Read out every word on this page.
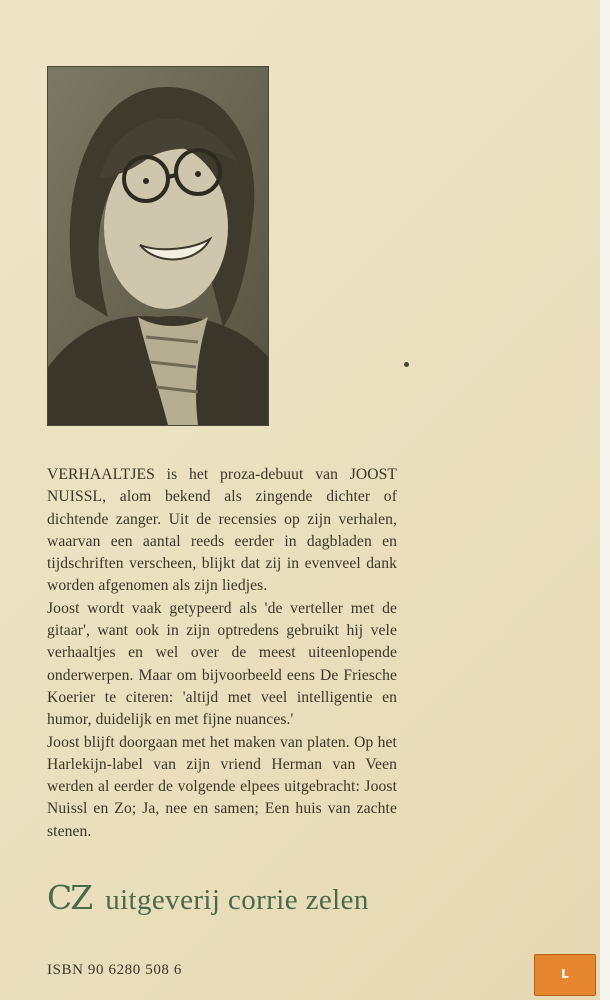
VERHAALTJES is het proza-debuut van JOOST NUISSL, alom bekend als zingende dichter of dichtende zanger. Uit de recensies op zijn verhalen, waarvan een aantal reeds eerder in dagbladen en tijdschriften verscheen, blijkt dat zij in evenveel dank worden afgenomen als zijn liedjes.

Joost wordt vaak getypeerd als 'de verteller met de gitaar', want ook in zijn optredens gebruikt hij vele verhaaltjes en wel over de meest uiteenlopende onderwerpen. Maar om bijvoorbeeld eens De Friesche Koerier te citeren: 'altijd met veel intelligentie en humor, duidelijk en met fijne nuances.'

Joost blijft doorgaan met het maken van platen. Op het Harlekijn-label van zijn vriend Herman van Veen werden al eerder de volgende elpees uitgebracht: Joost Nuissl en Zo; Ja, nee en samen; Een huis van zachte stenen.

CZ uitgeverij corrie zelen
ISBN 90 6280 508 6	L
